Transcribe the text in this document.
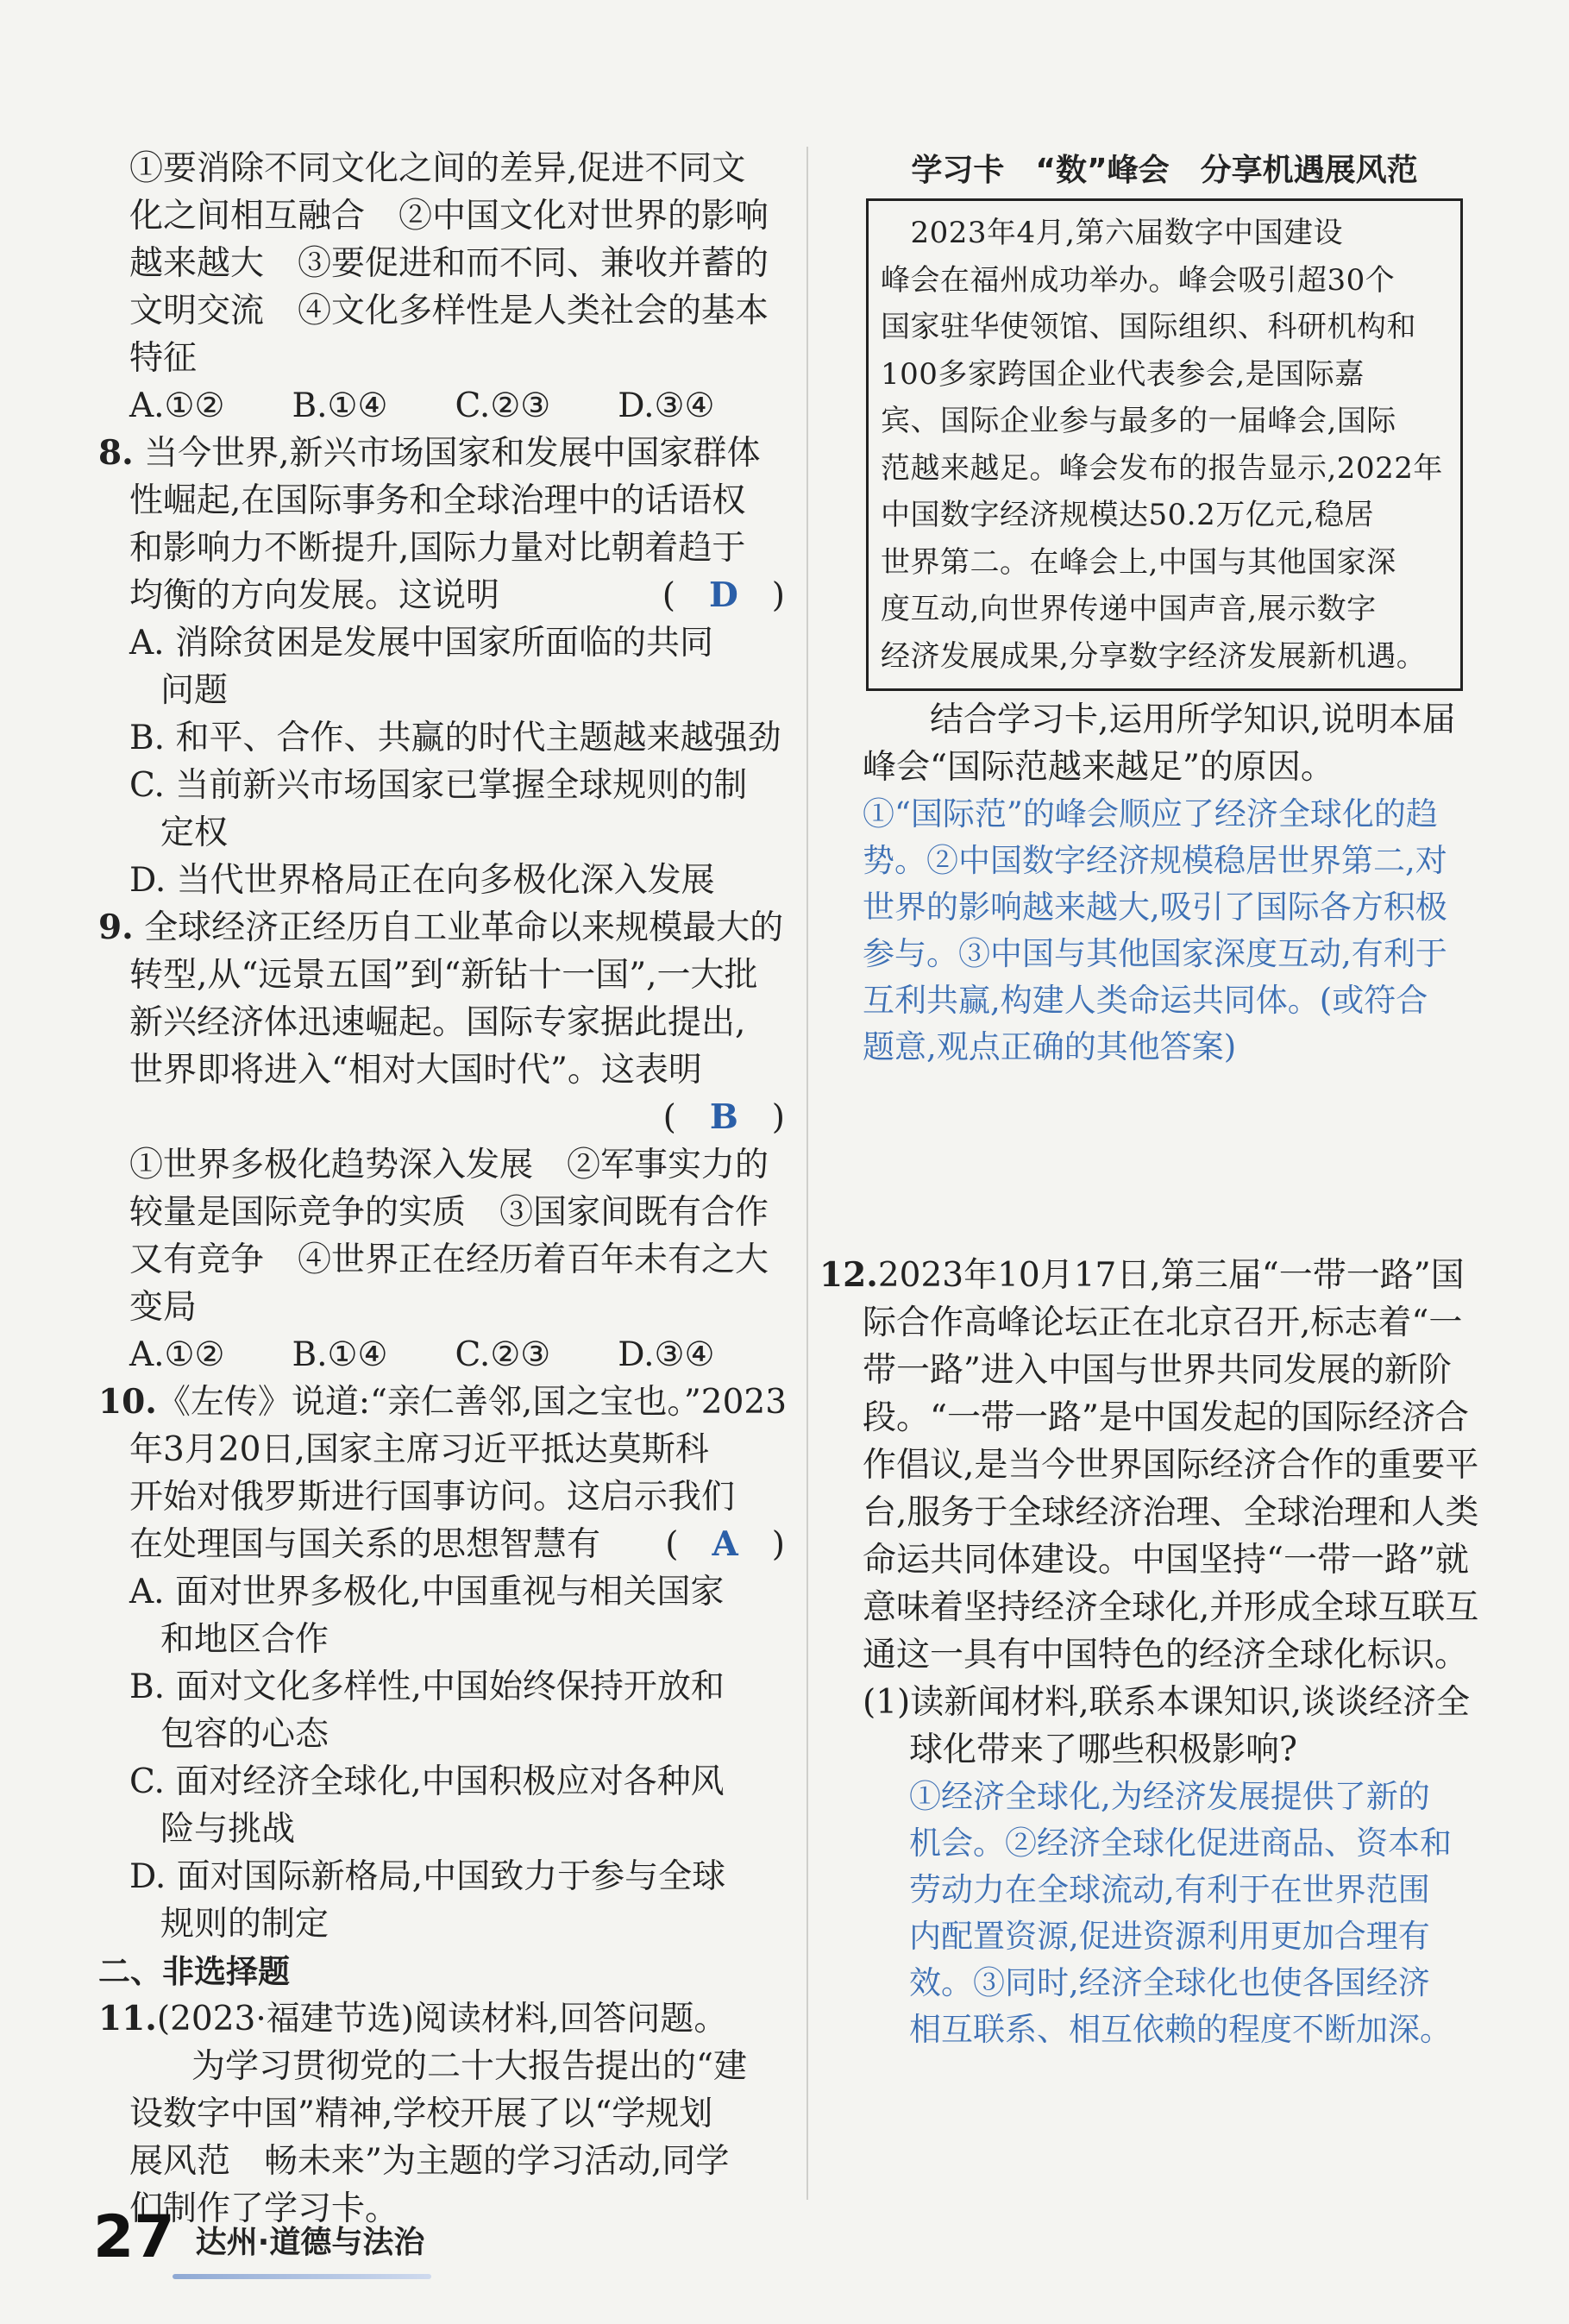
①要消除不同文化之间的差异,促进不同文
化之间相互融合　②中国文化对世界的影响
越来越大　③要促进和而不同、兼收并蓄的
文明交流　④文化多样性是人类社会的基本
特征
A.①②　　B.①④　　C.②③　　D.③④
8. 当今世界,新兴市场国家和发展中国家群体
性崛起,在国际事务和全球治理中的话语权
和影响力不断提升,国际力量对比朝着趋于
均衡的方向发展。这说明	(　D　)
A. 消除贫困是发展中国家所面临的共同
问题
B. 和平、合作、共赢的时代主题越来越强劲
C. 当前新兴市场国家已掌握全球规则的制
定权
D. 当代世界格局正在向多极化深入发展
9. 全球经济正经历自工业革命以来规模最大的
转型,从“远景五国”到“新钻十一国”,一大批
新兴经济体迅速崛起。国际专家据此提出,
世界即将进入“相对大国时代”。这表明
(　B　)

①世界多极化趋势深入发展　②军事实力的
较量是国际竞争的实质　③国家间既有合作
又有竞争　④世界正在经历着百年未有之大
变局
A.①②　　B.①④　　C.②③　　D.③④
10.《左传》说道:“亲仁善邻,国之宝也。”2023
年3月20日,国家主席习近平抵达莫斯科
开始对俄罗斯进行国事访问。这启示我们
在处理国与国关系的思想智慧有 (　A　)
A. 面对世界多极化,中国重视与相关国家
和地区合作
B. 面对文化多样性,中国始终保持开放和
包容的心态
C. 面对经济全球化,中国积极应对各种风
险与挑战
D. 面对国际新格局,中国致力于参与全球
规则的制定
二、非选择题
11.(2023·福建节选)阅读材料,回答问题。
为学习贯彻党的二十大报告提出的“建
设数字中国”精神,学校开展了以“学规划
展风范　畅未来”为主题的学习活动,同学
们制作了学习卡。
学习卡　“数”峰会　分享机遇展风范
　2023年4月,第六届数字中国建设
峰会在福州成功举办。峰会吸引超30个
国家驻华使领馆、国际组织、科研机构和
100多家跨国企业代表参会,是国际嘉
宾、国际企业参与最多的一届峰会,国际
范越来越足。峰会发布的报告显示,2022年
中国数字经济规模达50.2万亿元,稳居
世界第二。在峰会上,中国与其他国家深
度互动,向世界传递中国声音,展示数字
经济发展成果,分享数字经济发展新机遇。
　　结合学习卡,运用所学知识,说明本届
峰会“国际范越来越足”的原因。
①“国际范”的峰会顺应了经济全球化的趋
势。②中国数字经济规模稳居世界第二,对
世界的影响越来越大,吸引了国际各方积极
参与。③中国与其他国家深度互动,有利于
互利共赢,构建人类命运共同体。(或符合
题意,观点正确的其他答案)
12.2023年10月17日,第三届“一带一路”国
际合作高峰论坛正在北京召开,标志着“一
带一路”进入中国与世界共同发展的新阶
段。“一带一路”是中国发起的国际经济合
作倡议,是当今世界国际经济合作的重要平
台,服务于全球经济治理、全球治理和人类
命运共同体建设。中国坚持“一带一路”就
意味着坚持经济全球化,并形成全球互联互
通这一具有中国特色的经济全球化标识。
(1)读新闻材料,联系本课知识,谈谈经济全
球化带来了哪些积极影响?
①经济全球化,为经济发展提供了新的
机会。②经济全球化促进商品、资本和
劳动力在全球流动,有利于在世界范围
内配置资源,促进资源利用更加合理有
效。③同时,经济全球化也使各国经济
相互联系、相互依赖的程度不断加深。
27 达州·道德与法治
